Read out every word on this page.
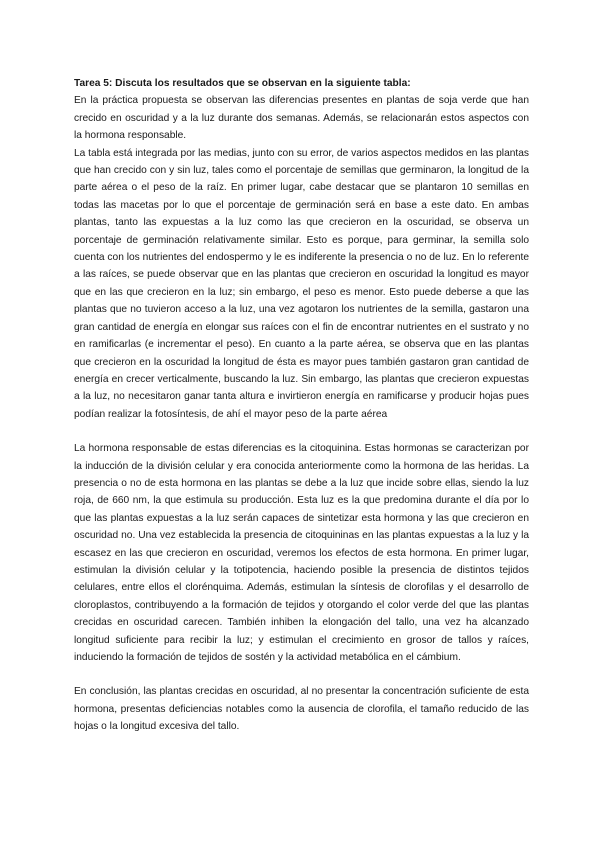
Tarea 5: Discuta los resultados que se observan en la siguiente tabla:

En la práctica propuesta se observan las diferencias presentes en plantas de soja verde que han crecido en oscuridad y a la luz durante dos semanas. Además, se relacionarán estos aspectos con la hormona responsable.

La tabla está integrada por las medias, junto con su error, de varios aspectos medidos en las plantas que han crecido con y sin luz, tales como el porcentaje de semillas que germinaron, la longitud de la parte aérea o el peso de la raíz. En primer lugar, cabe destacar que se plantaron 10 semillas en todas las macetas por lo que el porcentaje de germinación será en base a este dato. En ambas plantas, tanto las expuestas a la luz como las que crecieron en la oscuridad, se observa un porcentaje de germinación relativamente similar. Esto es porque, para germinar, la semilla solo cuenta con los nutrientes del endospermo y le es indiferente la presencia o no de luz. En lo referente a las raíces, se puede observar que en las plantas que crecieron en oscuridad la longitud es mayor que en las que crecieron en la luz; sin embargo, el peso es menor. Esto puede deberse a que las plantas que no tuvieron acceso a la luz, una vez agotaron los nutrientes de la semilla, gastaron una gran cantidad de energía en elongar sus raíces con el fin de encontrar nutrientes en el sustrato y no en ramificarlas (e incrementar el peso). En cuanto a la parte aérea, se observa que en las plantas que crecieron en la oscuridad la longitud de ésta es mayor pues también gastaron gran cantidad de energía en crecer verticalmente, buscando la luz. Sin embargo, las plantas que crecieron expuestas a la luz, no necesitaron ganar tanta altura e invirtieron energía en ramificarse y producir hojas pues podían realizar la fotosíntesis, de ahí el mayor peso de la parte aérea

La hormona responsable de estas diferencias es la citoquinina. Estas hormonas se caracterizan por la inducción de la división celular y era conocida anteriormente como la hormona de las heridas. La presencia o no de esta hormona en las plantas se debe a la luz que incide sobre ellas, siendo la luz roja, de 660 nm, la que estimula su producción. Esta luz es la que predomina durante el día por lo que las plantas expuestas a la luz serán capaces de sintetizar esta hormona y las que crecieron en oscuridad no. Una vez establecida la presencia de citoquininas en las plantas expuestas a la luz y la escasez en las que crecieron en oscuridad, veremos los efectos de esta hormona. En primer lugar, estimulan la división celular y la totipotencia, haciendo posible la presencia de distintos tejidos celulares, entre ellos el clorénquima. Además, estimulan la síntesis de clorofilas y el desarrollo de cloroplastos, contribuyendo a la formación de tejidos y otorgando el color verde del que las plantas crecidas en oscuridad carecen. También inhiben la elongación del tallo, una vez ha alcanzado longitud suficiente para recibir la luz; y estimulan el crecimiento en grosor de tallos y raíces, induciendo la formación de tejidos de sostén y la actividad metabólica en el cámbium.

En conclusión, las plantas crecidas en oscuridad, al no presentar la concentración suficiente de esta hormona, presentas deficiencias notables como la ausencia de clorofila, el tamaño reducido de las hojas o la longitud excesiva del tallo.
